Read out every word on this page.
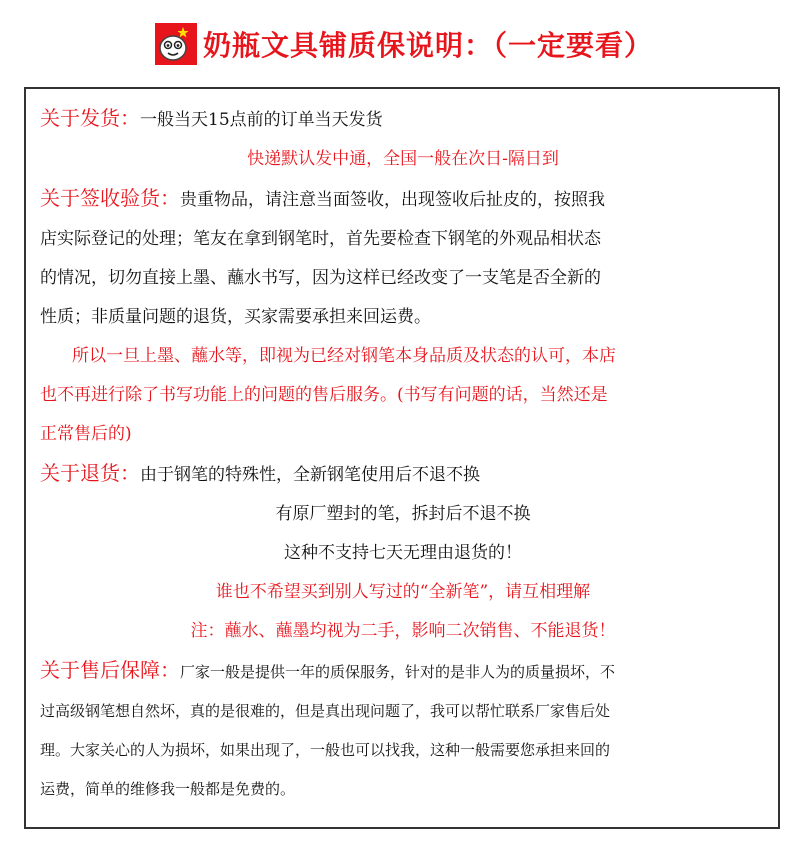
奶瓶文具铺质保说明：（一定要看）
关于发货：一般当天15点前的订单当天发货
快递默认发中通，全国一般在次日-隔日到
关于签收验货：贵重物品，请注意当面签收，出现签收后扯皮的，按照我
店实际登记的处理；笔友在拿到钢笔时，首先要检查下钢笔的外观品相状态
的情况，切勿直接上墨、蘸水书写，因为这样已经改变了一支笔是否全新的
性质；非质量问题的退货，买家需要承担来回运费。
所以一旦上墨、蘸水等，即视为已经对钢笔本身品质及状态的认可，本店
也不再进行除了书写功能上的问题的售后服务。(书写有问题的话，当然还是
正常售后的)
关于退货：由于钢笔的特殊性，全新钢笔使用后不退不换
有原厂塑封的笔，拆封后不退不换
这种不支持七天无理由退货的！
谁也不希望买到别人写过的“全新笔”，请互相理解
注：蘸水、蘸墨均视为二手，影响二次销售、不能退货！
关于售后保障：厂家一般是提供一年的质保服务，针对的是非人为的质量损坏，不
过高级钢笔想自然坏，真的是很难的，但是真出现问题了，我可以帮忙联系厂家售后处
理。大家关心的人为损坏，如果出现了，一般也可以找我，这种一般需要您承担来回的
运费，简单的维修我一般都是免费的。
